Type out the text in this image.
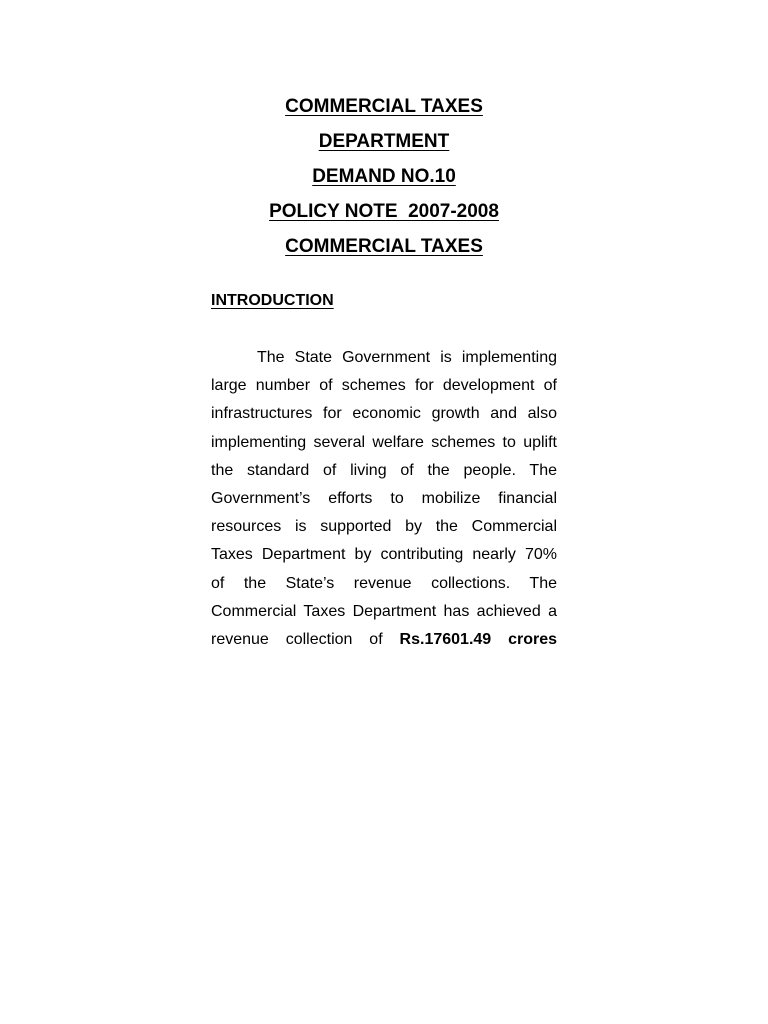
COMMERCIAL TAXES
DEPARTMENT
DEMAND NO.10
POLICY NOTE  2007-2008
COMMERCIAL TAXES
INTRODUCTION
The State Government is implementing
large number of schemes for development of
infrastructures for economic growth and also
implementing several welfare schemes to uplift
the standard of living of the people. The
Government’s efforts to mobilize financial
resources is supported by the Commercial
Taxes Department by contributing nearly 70%
of the State’s revenue collections. The
Commercial Taxes Department has achieved a
revenue collection of Rs.17601.49 crores
